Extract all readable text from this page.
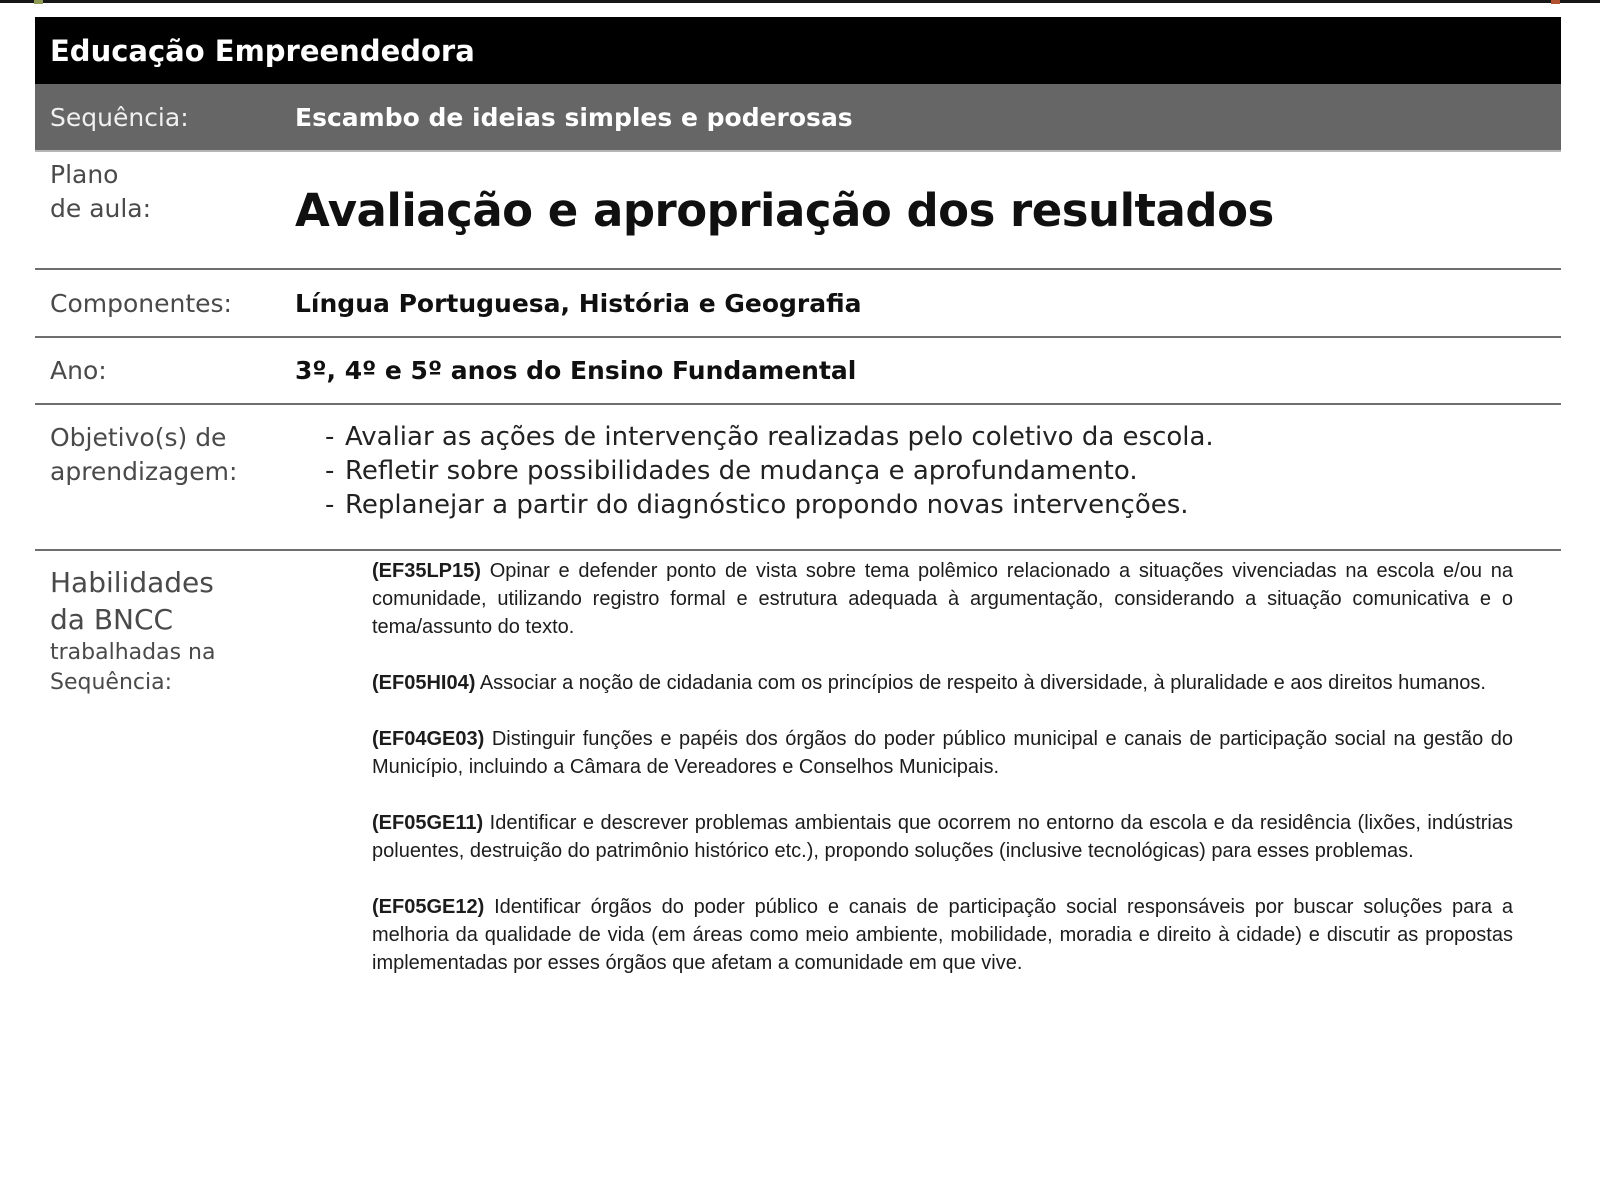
Educação Empreendedora
Sequência:	Escambo de ideias simples e poderosas
Plano
de aula:	Avaliação e apropriação dos resultados
Componentes:	Língua Portuguesa, História e Geografia
Ano:	3º, 4º e 5º anos do Ensino Fundamental
Objetivo(s) de
aprendizagem:
- Avaliar as ações de intervenção realizadas pelo coletivo da escola.
- Refletir sobre possibilidades de mudança e aprofundamento.
- Replanejar a partir do diagnóstico propondo novas intervenções.
Habilidades
da BNCC
trabalhadas na
Sequência:

(EF35LP15) Opinar e defender ponto de vista sobre tema polêmico relacionado a situações vivenciadas na escola e/ou na comunidade, utilizando registro formal e estrutura adequada à argumentação, considerando a situação comunicativa e o tema/assunto do texto.

(EF05HI04) Associar a noção de cidadania com os princípios de respeito à diversidade, à pluralidade e aos direitos humanos.

(EF04GE03) Distinguir funções e papéis dos órgãos do poder público municipal e canais de participação social na gestão do Município, incluindo a Câmara de Vereadores e Conselhos Municipais.

(EF05GE11) Identificar e descrever problemas ambientais que ocorrem no entorno da escola e da residência (lixões, indústrias poluentes, destruição do patrimônio histórico etc.), propondo soluções (inclusive tecnológicas) para esses problemas.

(EF05GE12) Identificar órgãos do poder público e canais de participação social responsáveis por buscar soluções para a melhoria da qualidade de vida (em áreas como meio ambiente, mobilidade, moradia e direito à cidade) e discutir as propostas implementadas por esses órgãos que afetam a comunidade em que vive.
